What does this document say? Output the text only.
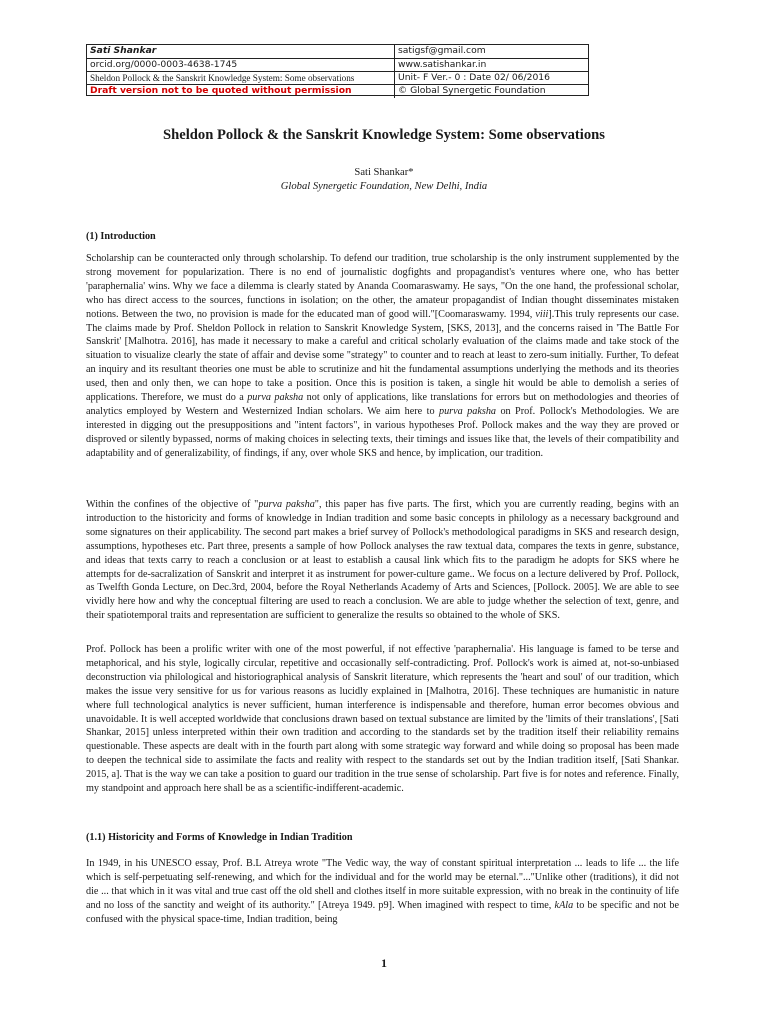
Sati Shankar	satigsf@gmail.com
orcid.org/0000-0003-4638-1745	www.satishankar.in
Sheldon Pollock & the Sanskrit Knowledge System: Some observations	Unit- F Ver.- 0 : Date 02/ 06/2016
Draft version not to be quoted without permission	© Global Synergetic Foundation
Sheldon Pollock & the Sanskrit Knowledge System: Some observations
Sati Shankar*
Global Synergetic Foundation, New Delhi, India
(1) Introduction

Scholarship can be counteracted only through scholarship. To defend our tradition, true scholarship is the only instrument supplemented by the strong movement for popularization. There is no end of journalistic dogfights and propagandist's ventures where one, who has better 'paraphernalia' wins. Why we face a dilemma is clearly stated by Ananda Coomaraswamy. He says, "On the one hand, the professional scholar, who has direct access to the sources, functions in isolation; on the other, the amateur propagandist of Indian thought disseminates mistaken notions. Between the two, no provision is made for the educated man of good will."[Coomaraswamy. 1994, viii].This truly represents our case. The claims made by Prof. Sheldon Pollock in relation to Sanskrit Knowledge System, [SKS, 2013], and the concerns raised in 'The Battle For Sanskrit' [Malhotra. 2016], has made it necessary to make a careful and critical scholarly evaluation of the claims made and take stock of the situation to visualize clearly the state of affair and devise some "strategy" to counter and to reach at least to zero-sum initially. Further, To defeat an inquiry and its resultant theories one must be able to scrutinize and hit the fundamental assumptions underlying the methods and its theories used, then and only then, we can hope to take a position. Once this is position is taken, a single hit would be able to demolish a series of applications. Therefore, we must do a purva paksha not only of applications, like translations for errors but on methodologies and theories of analytics employed by Western and Westernized Indian scholars. We aim here to purva paksha on Prof. Pollock's Methodologies. We are interested in digging out the presuppositions and "intent factors", in various hypotheses Prof. Pollock makes and the way they are proved or disproved or silently bypassed, norms of making choices in selecting texts, their timings and issues like that, the levels of their compatibility and adaptability and of generalizability, of findings, if any, over whole SKS and hence, by implication, our tradition.

Within the confines of the objective of "purva paksha", this paper has five parts. The first, which you are currently reading, begins with an introduction to the historicity and forms of knowledge in Indian tradition and some basic concepts in philology as a necessary background and some signatures on their applicability. The second part makes a brief survey of Pollock's methodological paradigms in SKS and research design, assumptions, hypotheses etc. Part three, presents a sample of how Pollock analyses the raw textual data, compares the texts in genre, substance, and ideas that texts carry to reach a conclusion or at least to establish a causal link which fits to the paradigm he adopts for SKS where he attempts for de-sacralization of Sanskrit and interpret it as instrument for power-culture game.. We focus on a lecture delivered by Prof. Pollock, as Twelfth Gonda Lecture, on Dec.3rd, 2004, before the Royal Netherlands Academy of Arts and Sciences, [Pollock. 2005]. We are able to see vividly here how and why the conceptual filtering are used to reach a conclusion. We are able to judge whether the selection of text, genre, and their spatiotemporal traits and representation are sufficient to generalize the results so obtained to the whole of SKS.

Prof. Pollock has been a prolific writer with one of the most powerful, if not effective 'paraphernalia'. His language is famed to be terse and metaphorical, and his style, logically circular, repetitive and occasionally self-contradicting. Prof. Pollock's work is aimed at, not-so-unbiased deconstruction via philological and historiographical analysis of Sanskrit literature, which represents the 'heart and soul' of our tradition, which makes the issue very sensitive for us for various reasons as lucidly explained in [Malhotra, 2016]. These techniques are humanistic in nature where full technological analytics is never sufficient, human interference is indispensable and therefore, human error becomes obvious and unavoidable. It is well accepted worldwide that conclusions drawn based on textual substance are limited by the 'limits of their translations', [Sati Shankar, 2015] unless interpreted within their own tradition and according to the standards set by the tradition itself their reliability remains questionable. These aspects are dealt with in the fourth part along with some strategic way forward and while doing so proposal has been made to deepen the technical side to assimilate the facts and reality with respect to the standards set out by the Indian tradition itself, [Sati Shankar. 2015, a]. That is the way we can take a position to guard our tradition in the true sense of scholarship. Part five is for notes and reference. Finally, my standpoint and approach here shall be as a scientific-indifferent-academic.

(1.1) Historicity and Forms of Knowledge in Indian Tradition

In 1949, in his UNESCO essay, Prof. B.L Atreya wrote "The Vedic way, the way of constant spiritual interpretation ... leads to life ... the life which is self-perpetuating self-renewing, and which for the individual and for the world may be eternal."..."Unlike other (traditions), it did not die ... that which in it was vital and true cast off the old shell and clothes itself in more suitable expression, with no break in the continuity of life and no loss of the sanctity and weight of its authority." [Atreya 1949. p9]. When imagined with respect to time, kAla to be specific and not be confused with the physical space-time, Indian tradition, being

1
